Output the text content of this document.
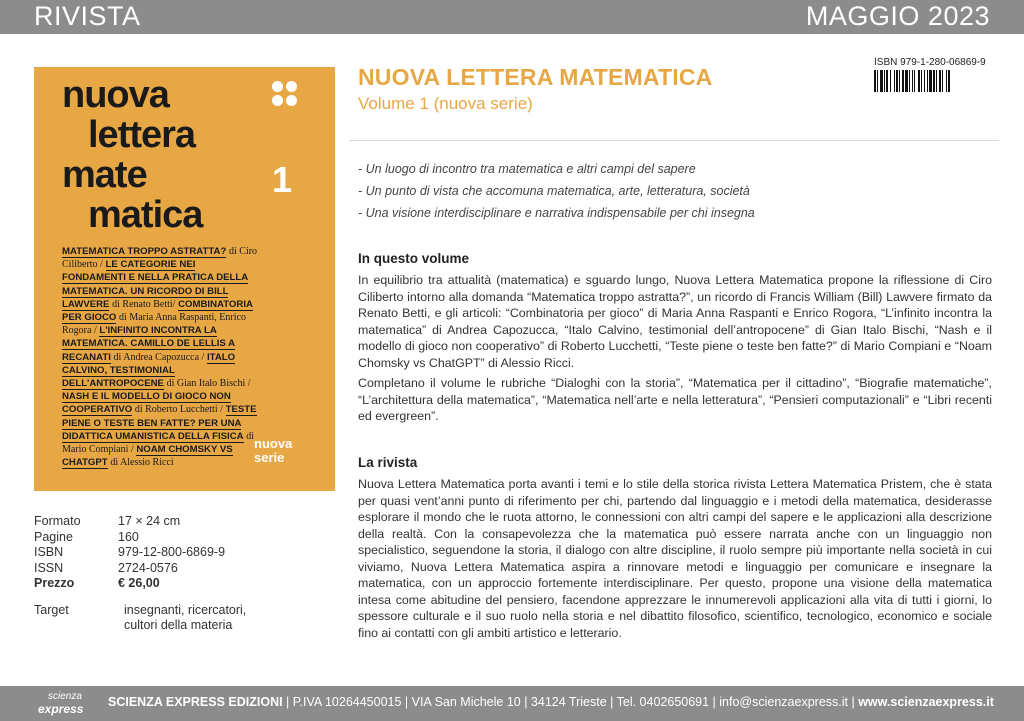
RIVISTA	MAGGIO 2023
nuova
lettera
mate
matica
1
MATEMATICA TROPPO ASTRATTA? di Ciro Ciliberto / LE CATEGORIE NEI FONDAMENTI E NELLA PRATICA DELLA MATEMATICA. UN RICORDO DI BILL LAWVERE di Renato Betti/ COMBINATORIA PER GIOCO di Maria Anna Raspanti, Enrico Rogora / L'INFINITO INCONTRA LA MATEMATICA. CAMILLO DE LELLIS A RECANATI di Andrea Capozucca / ITALO CALVINO, TESTIMONIAL DELL'ANTROPOCENE di Gian Italo Bischi / NASH E IL MODELLO DI GIOCO NON COOPERATIVO di Roberto Lucchetti / TESTE PIENE O TESTE BEN FATTE? PER UNA DIDATTICA UMANISTICA DELLA FISICA di Mario Compiani / NOAM CHOMSKY VS CHATGPT di Alessio Ricci
nuova
serie
Formato	17 × 24 cm
Pagine	160
ISBN	979-12-800-6869-9
ISSN	2724-0576
Prezzo	€ 26,00
Target	insegnanti, ricercatori,
cultori della materia
NUOVA LETTERA MATEMATICA
Volume 1 (nuova serie)
ISBN 979-1-280-06869-9
- Un luogo di incontro tra matematica e altri campi del sapere
- Un punto di vista che accomuna matematica, arte, letteratura, società
- Una visione interdisciplinare e narrativa indispensabile per chi insegna
In questo volume
In equilibrio tra attualità (matematica) e sguardo lungo, Nuova Lettera Matematica propone la riflessione di Ciro Ciliberto intorno alla domanda “Matematica troppo astratta?”, un ricordo di Francis William (Bill) Lawvere firmato da Renato Betti, e gli articoli: “Combinatoria per gioco” di Maria Anna Raspanti e Enrico Rogora, “L’infinito incontra la matematica” di Andrea Capozucca, “Italo Calvino, testimonial dell’antropocene” di Gian Italo Bischi, “Nash e il modello di gioco non cooperativo” di Roberto Lucchetti, “Teste piene o teste ben fatte?” di Mario Compiani e “Noam Chomsky vs ChatGPT” di Alessio Ricci.
Completano il volume le rubriche “Dialoghi con la storia”, “Matematica per il cittadino”, “Biografie matematiche”, “L’architettura della matematica”, “Matematica nell’arte e nella letteratura”, “Pensieri computazionali” e “Libri recenti ed evergreen”.
La rivista
Nuova Lettera Matematica porta avanti i temi e lo stile della storica rivista Lettera Matematica Pristem, che è stata per quasi vent’anni punto di riferimento per chi, partendo dal linguaggio e i metodi della matematica, desiderasse esplorare il mondo che le ruota attorno, le connessioni con altri campi del sapere e le applicazioni alla descrizione della realtà. Con la consapevolezza che la matematica può essere narrata anche con un linguaggio non specialistico, seguendone la storia, il dialogo con altre discipline, il ruolo sempre più importante nella società in cui viviamo, Nuova Lettera Matematica aspira a rinnovare metodi e linguaggio per comunicare e insegnare la matematica, con un approccio fortemente interdisciplinare. Per questo, propone una visione della matematica intesa come abitudine del pensiero, facendone apprezzare le innumerevoli applicazioni alla vita di tutti i giorni, lo spessore culturale e il suo ruolo nella storia e nel dibattito filosofico, scientifico, tecnologico, economico e sociale fino ai contatti con gli ambiti artistico e letterario.
scienza
express SCIENZA EXPRESS EDIZIONI | P.IVA 10264450015 | VIA San Michele 10 | 34124 Trieste | Tel. 0402650691 | info@scienzaexpress.it | www.scienzaexpress.it
